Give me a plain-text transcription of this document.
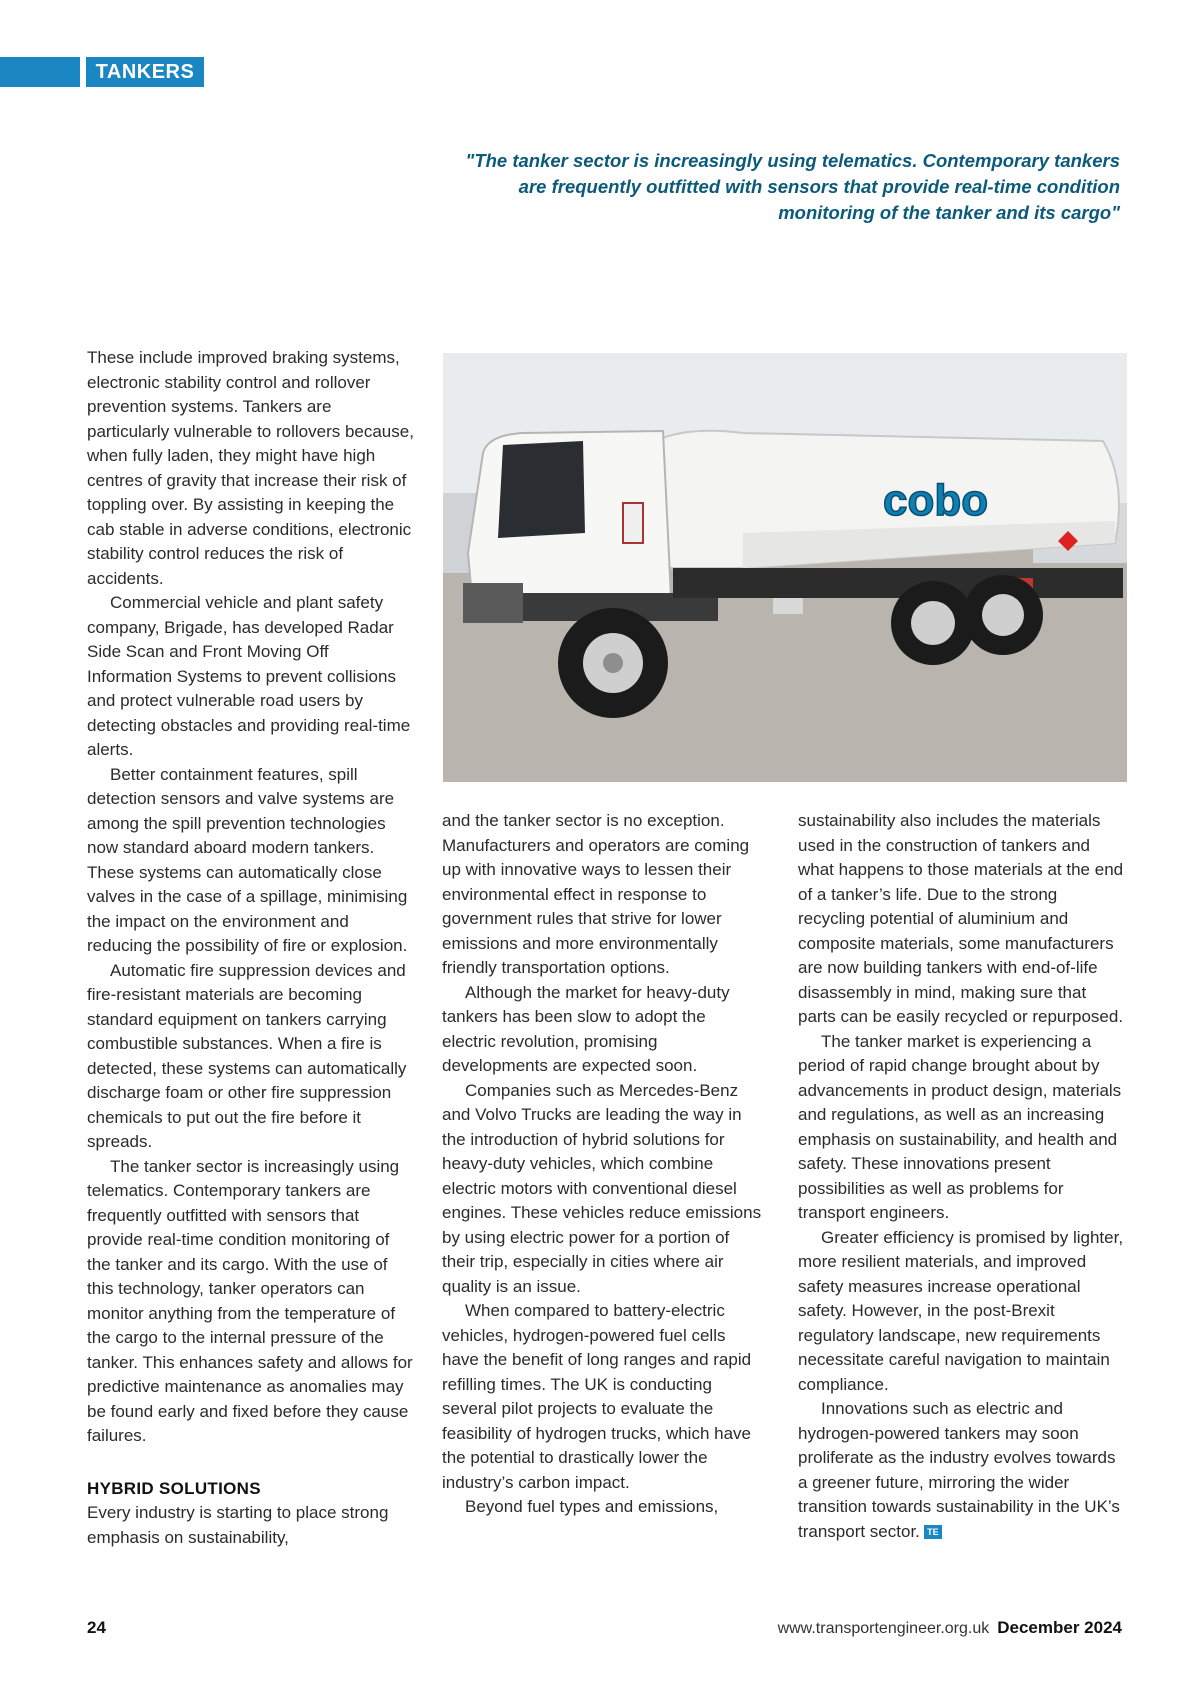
TANKERS
"The tanker sector is increasingly using telematics. Contemporary tankers are frequently outfitted with sensors that provide real-time condition monitoring of the tanker and its cargo"

These include improved braking systems, electronic stability control and rollover prevention systems. Tankers are particularly vulnerable to rollovers because, when fully laden, they might have high centres of gravity that increase their risk of toppling over. By assisting in keeping the cab stable in adverse conditions, electronic stability control reduces the risk of accidents.

Commercial vehicle and plant safety company, Brigade, has developed Radar Side Scan and Front Moving Off Information Systems to prevent collisions and protect vulnerable road users by detecting obstacles and providing real-time alerts.

Better containment features, spill detection sensors and valve systems are among the spill prevention technologies now standard aboard modern tankers. These systems can automatically close valves in the case of a spillage, minimising the impact on the environment and reducing the possibility of fire or explosion.

Automatic fire suppression devices and fire-resistant materials are becoming standard equipment on tankers carrying combustible substances. When a fire is detected, these systems can automatically discharge foam or other fire suppression chemicals to put out the fire before it spreads.

The tanker sector is increasingly using telematics. Contemporary tankers are frequently outfitted with sensors that provide real-time condition monitoring of the tanker and its cargo. With the use of this technology, tanker operators can monitor anything from the temperature of the cargo to the internal pressure of the tanker. This enhances safety and allows for predictive maintenance as anomalies may be found early and fixed before they cause failures.

HYBRID SOLUTIONS

Every industry is starting to place strong emphasis on sustainability,

cobo

and the tanker sector is no exception. Manufacturers and operators are coming up with innovative ways to lessen their environmental effect in response to government rules that strive for lower emissions and more environmentally friendly transportation options.

Although the market for heavy-duty tankers has been slow to adopt the electric revolution, promising developments are expected soon.

Companies such as Mercedes-Benz and Volvo Trucks are leading the way in the introduction of hybrid solutions for heavy-duty vehicles, which combine electric motors with conventional diesel engines. These vehicles reduce emissions by using electric power for a portion of their trip, especially in cities where air quality is an issue.

When compared to battery-electric vehicles, hydrogen-powered fuel cells have the benefit of long ranges and rapid refilling times. The UK is conducting several pilot projects to evaluate the feasibility of hydrogen trucks, which have the potential to drastically lower the industry’s carbon impact.

Beyond fuel types and emissions,

sustainability also includes the materials used in the construction of tankers and what happens to those materials at the end of a tanker’s life. Due to the strong recycling potential of aluminium and composite materials, some manufacturers are now building tankers with end-of-life disassembly in mind, making sure that parts can be easily recycled or repurposed.

The tanker market is experiencing a period of rapid change brought about by advancements in product design, materials and regulations, as well as an increasing emphasis on sustainability, and health and safety. These innovations present possibilities as well as problems for transport engineers.

Greater efficiency is promised by lighter, more resilient materials, and improved safety measures increase operational safety. However, in the post-Brexit regulatory landscape, new requirements necessitate careful navigation to maintain compliance.

Innovations such as electric and hydrogen-powered tankers may soon proliferate as the industry evolves towards a greener future, mirroring the wider transition towards sustainability in the UK’s transport sector. TE

24	www.transportengineer.org.uk December 2024
